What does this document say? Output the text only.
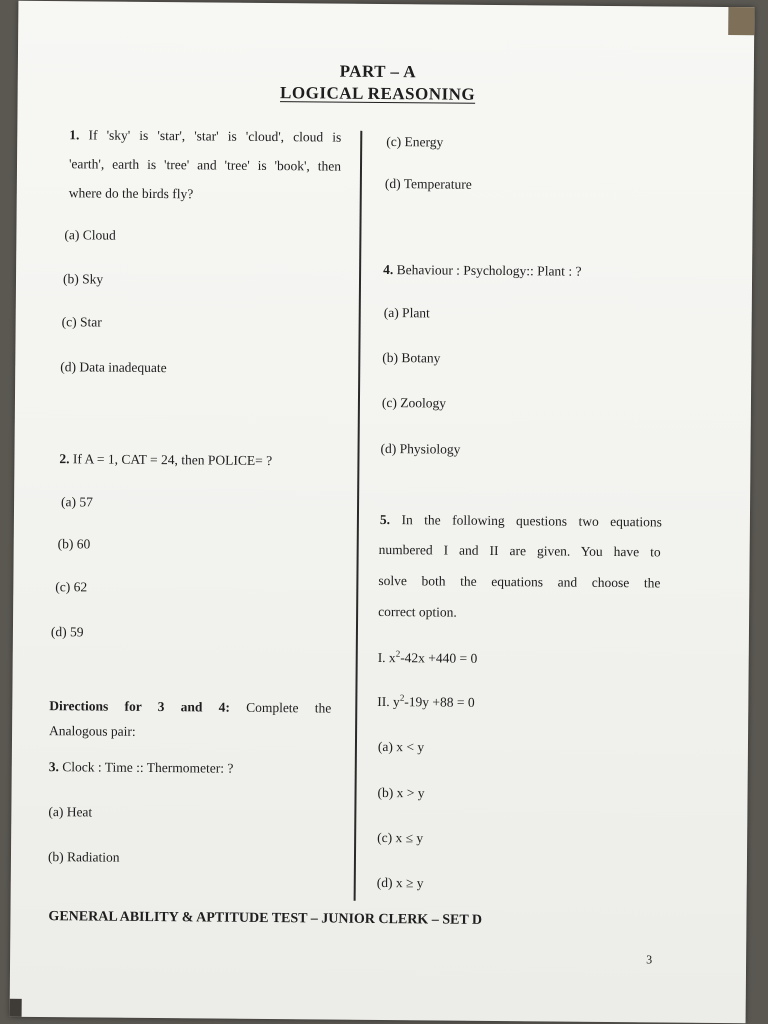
PART – A
LOGICAL REASONING
1. If 'sky' is 'star', 'star' is 'cloud', cloud is
'earth', earth is 'tree' and 'tree' is 'book', then
where do the birds fly?
(a) Cloud
(b) Sky
(c) Star
(d) Data inadequate
2. If A = 1, CAT = 24, then POLICE= ?
(a) 57
(b) 60
(c) 62
(d) 59
Directions for 3 and 4: Complete the
Analogous pair:
3. Clock : Time :: Thermometer: ?
(a) Heat
(b) Radiation
(c) Energy
(d) Temperature
4. Behaviour : Psychology:: Plant : ?
(a) Plant
(b) Botany
(c) Zoology
(d) Physiology
5. In the following questions two equations
numbered I and II are given. You have to
solve both the equations and choose the
correct option.
I. $x^2-42x +440 = 0$
II. $y^2-19y +88 = 0$
(a) x < y
(b) x > y
(c) x ≤ y
(d) x ≥ y
GENERAL ABILITY & APTITUDE TEST – JUNIOR CLERK – SET D
3
